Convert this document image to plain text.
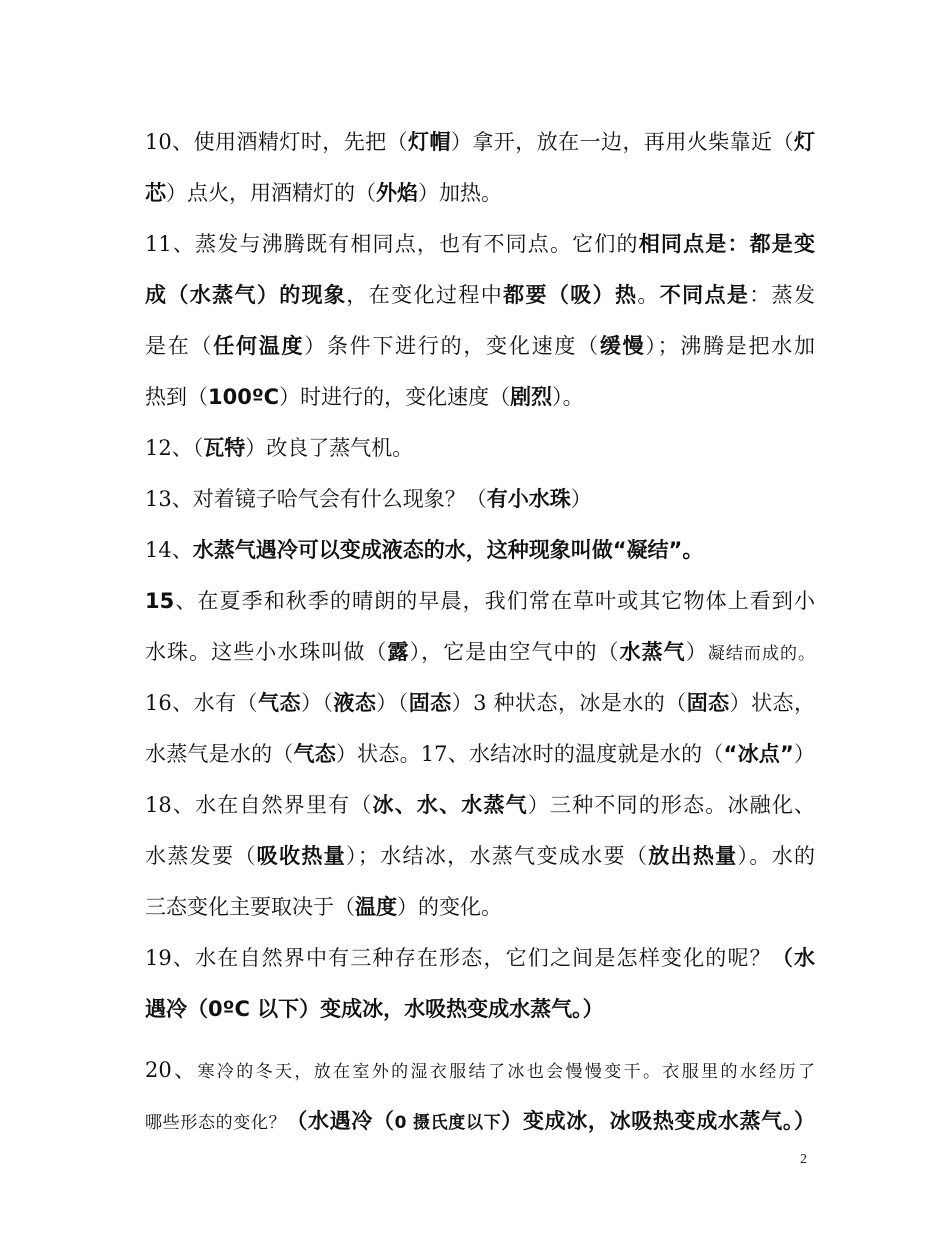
10、使用酒精灯时，先把（灯帽）拿开，放在一边，再用火柴靠近（灯
芯）点火，用酒精灯的（外焰）加热。
11、蒸发与沸腾既有相同点，也有不同点。它们的相同点是：都是变
成（水蒸气）的现象，在变化过程中都要（吸）热。不同点是：蒸发
是在（任何温度）条件下进行的，变化速度（缓慢）；沸腾是把水加
热到（100ºC）时进行的，变化速度（剧烈）。
12、（瓦特）改良了蒸气机。
13、对着镜子哈气会有什么现象？（有小水珠）
14、水蒸气遇冷可以变成液态的水，这种现象叫做“凝结”。
15、在夏季和秋季的晴朗的早晨，我们常在草叶或其它物体上看到小
水珠。这些小水珠叫做（露），它是由空气中的（水蒸气）凝结而成的。
16、水有（气态）（液态）（固态）3 种状态，冰是水的（固态）状态，
水蒸气是水的（气态）状态。17、水结冰时的温度就是水的（“冰点”）
18、水在自然界里有（冰、水、水蒸气）三种不同的形态。冰融化、
水蒸发要（吸收热量）；水结冰，水蒸气变成水要（放出热量）。水的
三态变化主要取决于（温度）的变化。
19、水在自然界中有三种存在形态，它们之间是怎样变化的呢？（水
遇冷（0ºC 以下）变成冰，水吸热变成水蒸气。）
20、寒冷的冬天，放在室外的湿衣服结了冰也会慢慢变干。衣服里的水经历了
哪些形态的变化？（水遇冷（0 摄氏度以下）变成冰，冰吸热变成水蒸气。）
2
